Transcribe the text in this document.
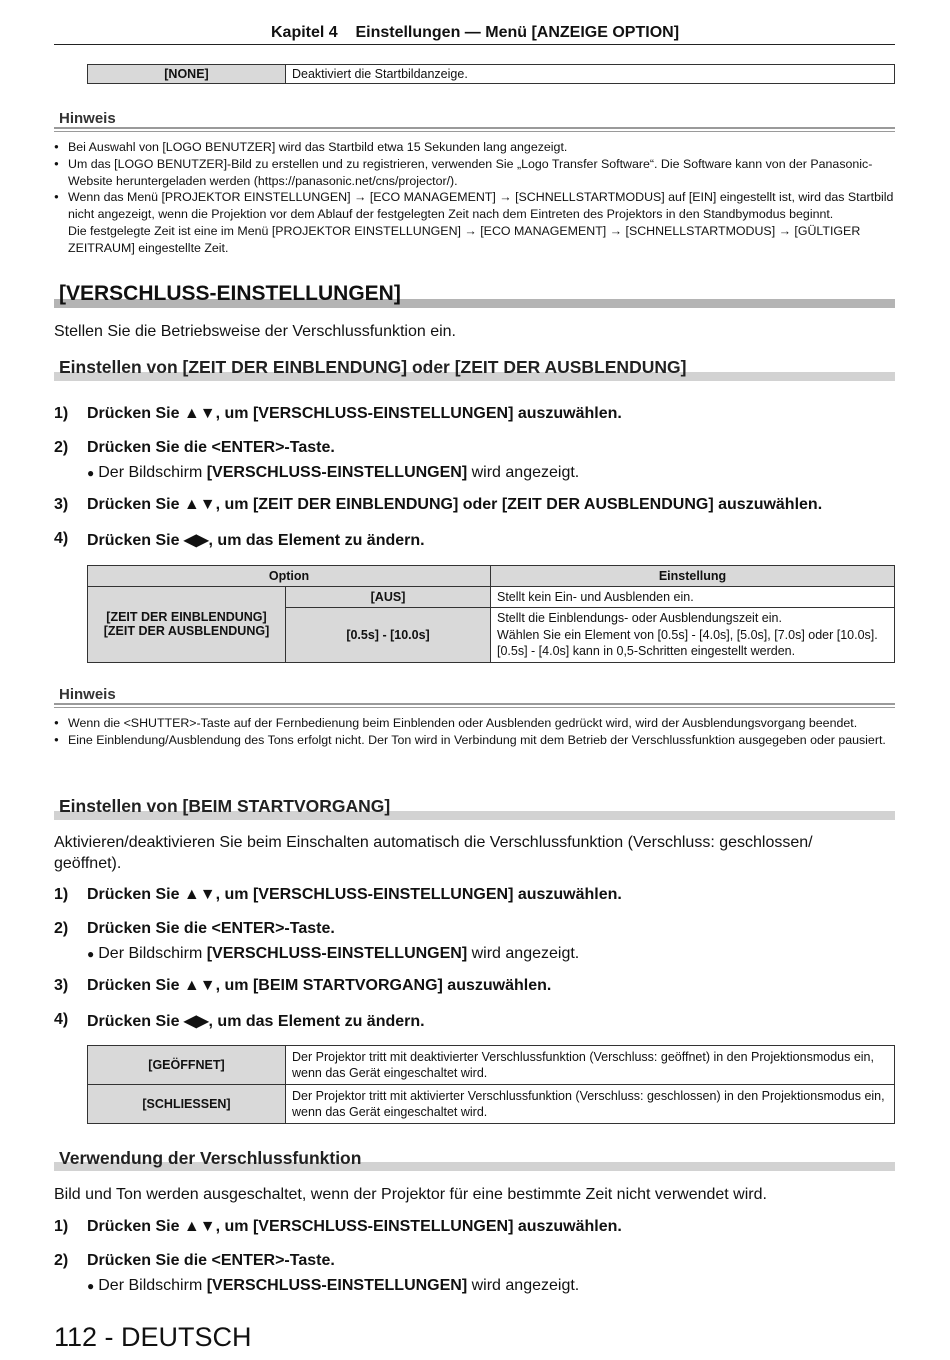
Kapitel 4    Einstellungen — Menü [ANZEIGE OPTION]
[NONE]	Deaktiviert die Startbildanzeige.
Hinweis
● Bei Auswahl von [LOGO BENUTZER] wird das Startbild etwa 15 Sekunden lang angezeigt.
● Um das [LOGO BENUTZER]-Bild zu erstellen und zu registrieren, verwenden Sie „Logo Transfer Software“. Die Software kann von der Panasonic-Website heruntergeladen werden (https://panasonic.net/cns/projector/).
● Wenn das Menü [PROJEKTOR EINSTELLUNGEN] → [ECO MANAGEMENT] → [SCHNELLSTARTMODUS] auf [EIN] eingestellt ist, wird das Startbild nicht angezeigt, wenn die Projektion vor dem Ablauf der festgelegten Zeit nach dem Eintreten des Projektors in den Standbymodus beginnt.
Die festgelegte Zeit ist eine im Menü [PROJEKTOR EINSTELLUNGEN] → [ECO MANAGEMENT] → [SCHNELLSTARTMODUS] → [GÜLTIGER ZEITRAUM] eingestellte Zeit.
[VERSCHLUSS-EINSTELLUNGEN]
Stellen Sie die Betriebsweise der Verschlussfunktion ein.
Einstellen von [ZEIT DER EINBLENDUNG] oder [ZEIT DER AUSBLENDUNG]
1) Drücken Sie ▲▼, um [VERSCHLUSS-EINSTELLUNGEN] auszuwählen.
2) Drücken Sie die <ENTER>-Taste.
● Der Bildschirm [VERSCHLUSS-EINSTELLUNGEN] wird angezeigt.
3) Drücken Sie ▲▼, um [ZEIT DER EINBLENDUNG] oder [ZEIT DER AUSBLENDUNG] auszuwählen.
4) Drücken Sie ◀▶, um das Element zu ändern.
Option		Einstellung
[ZEIT DER EINBLENDUNG]
[ZEIT DER AUSBLENDUNG]	[AUS]	Stellt kein Ein- und Ausblenden ein.
	[0.5s] - [10.0s]	Stellt die Einblendungs- oder Ausblendungszeit ein.
Wählen Sie ein Element von [0.5s] - [4.0s], [5.0s], [7.0s] oder [10.0s]. [0.5s] - [4.0s] kann in 0,5-Schritten eingestellt werden.
Hinweis
● Wenn die <SHUTTER>-Taste auf der Fernbedienung beim Einblenden oder Ausblenden gedrückt wird, wird der Ausblendungsvorgang beendet.
● Eine Einblendung/Ausblendung des Tons erfolgt nicht. Der Ton wird in Verbindung mit dem Betrieb der Verschlussfunktion ausgegeben oder pausiert.
Einstellen von [BEIM STARTVORGANG]
Aktivieren/deaktivieren Sie beim Einschalten automatisch die Verschlussfunktion (Verschluss: geschlossen/ geöffnet).
1) Drücken Sie ▲▼, um [VERSCHLUSS-EINSTELLUNGEN] auszuwählen.
2) Drücken Sie die <ENTER>-Taste.
● Der Bildschirm [VERSCHLUSS-EINSTELLUNGEN] wird angezeigt.
3) Drücken Sie ▲▼, um [BEIM STARTVORGANG] auszuwählen.
4) Drücken Sie ◀▶, um das Element zu ändern.
[GEÖFFNET]	Der Projektor tritt mit deaktivierter Verschlussfunktion (Verschluss: geöffnet) in den Projektionsmodus ein, wenn das Gerät eingeschaltet wird.
[SCHLIESSEN]	Der Projektor tritt mit aktivierter Verschlussfunktion (Verschluss: geschlossen) in den Projektionsmodus ein, wenn das Gerät eingeschaltet wird.
Verwendung der Verschlussfunktion
Bild und Ton werden ausgeschaltet, wenn der Projektor für eine bestimmte Zeit nicht verwendet wird.
1) Drücken Sie ▲▼, um [VERSCHLUSS-EINSTELLUNGEN] auszuwählen.
2) Drücken Sie die <ENTER>-Taste.
● Der Bildschirm [VERSCHLUSS-EINSTELLUNGEN] wird angezeigt.
112 - DEUTSCH
